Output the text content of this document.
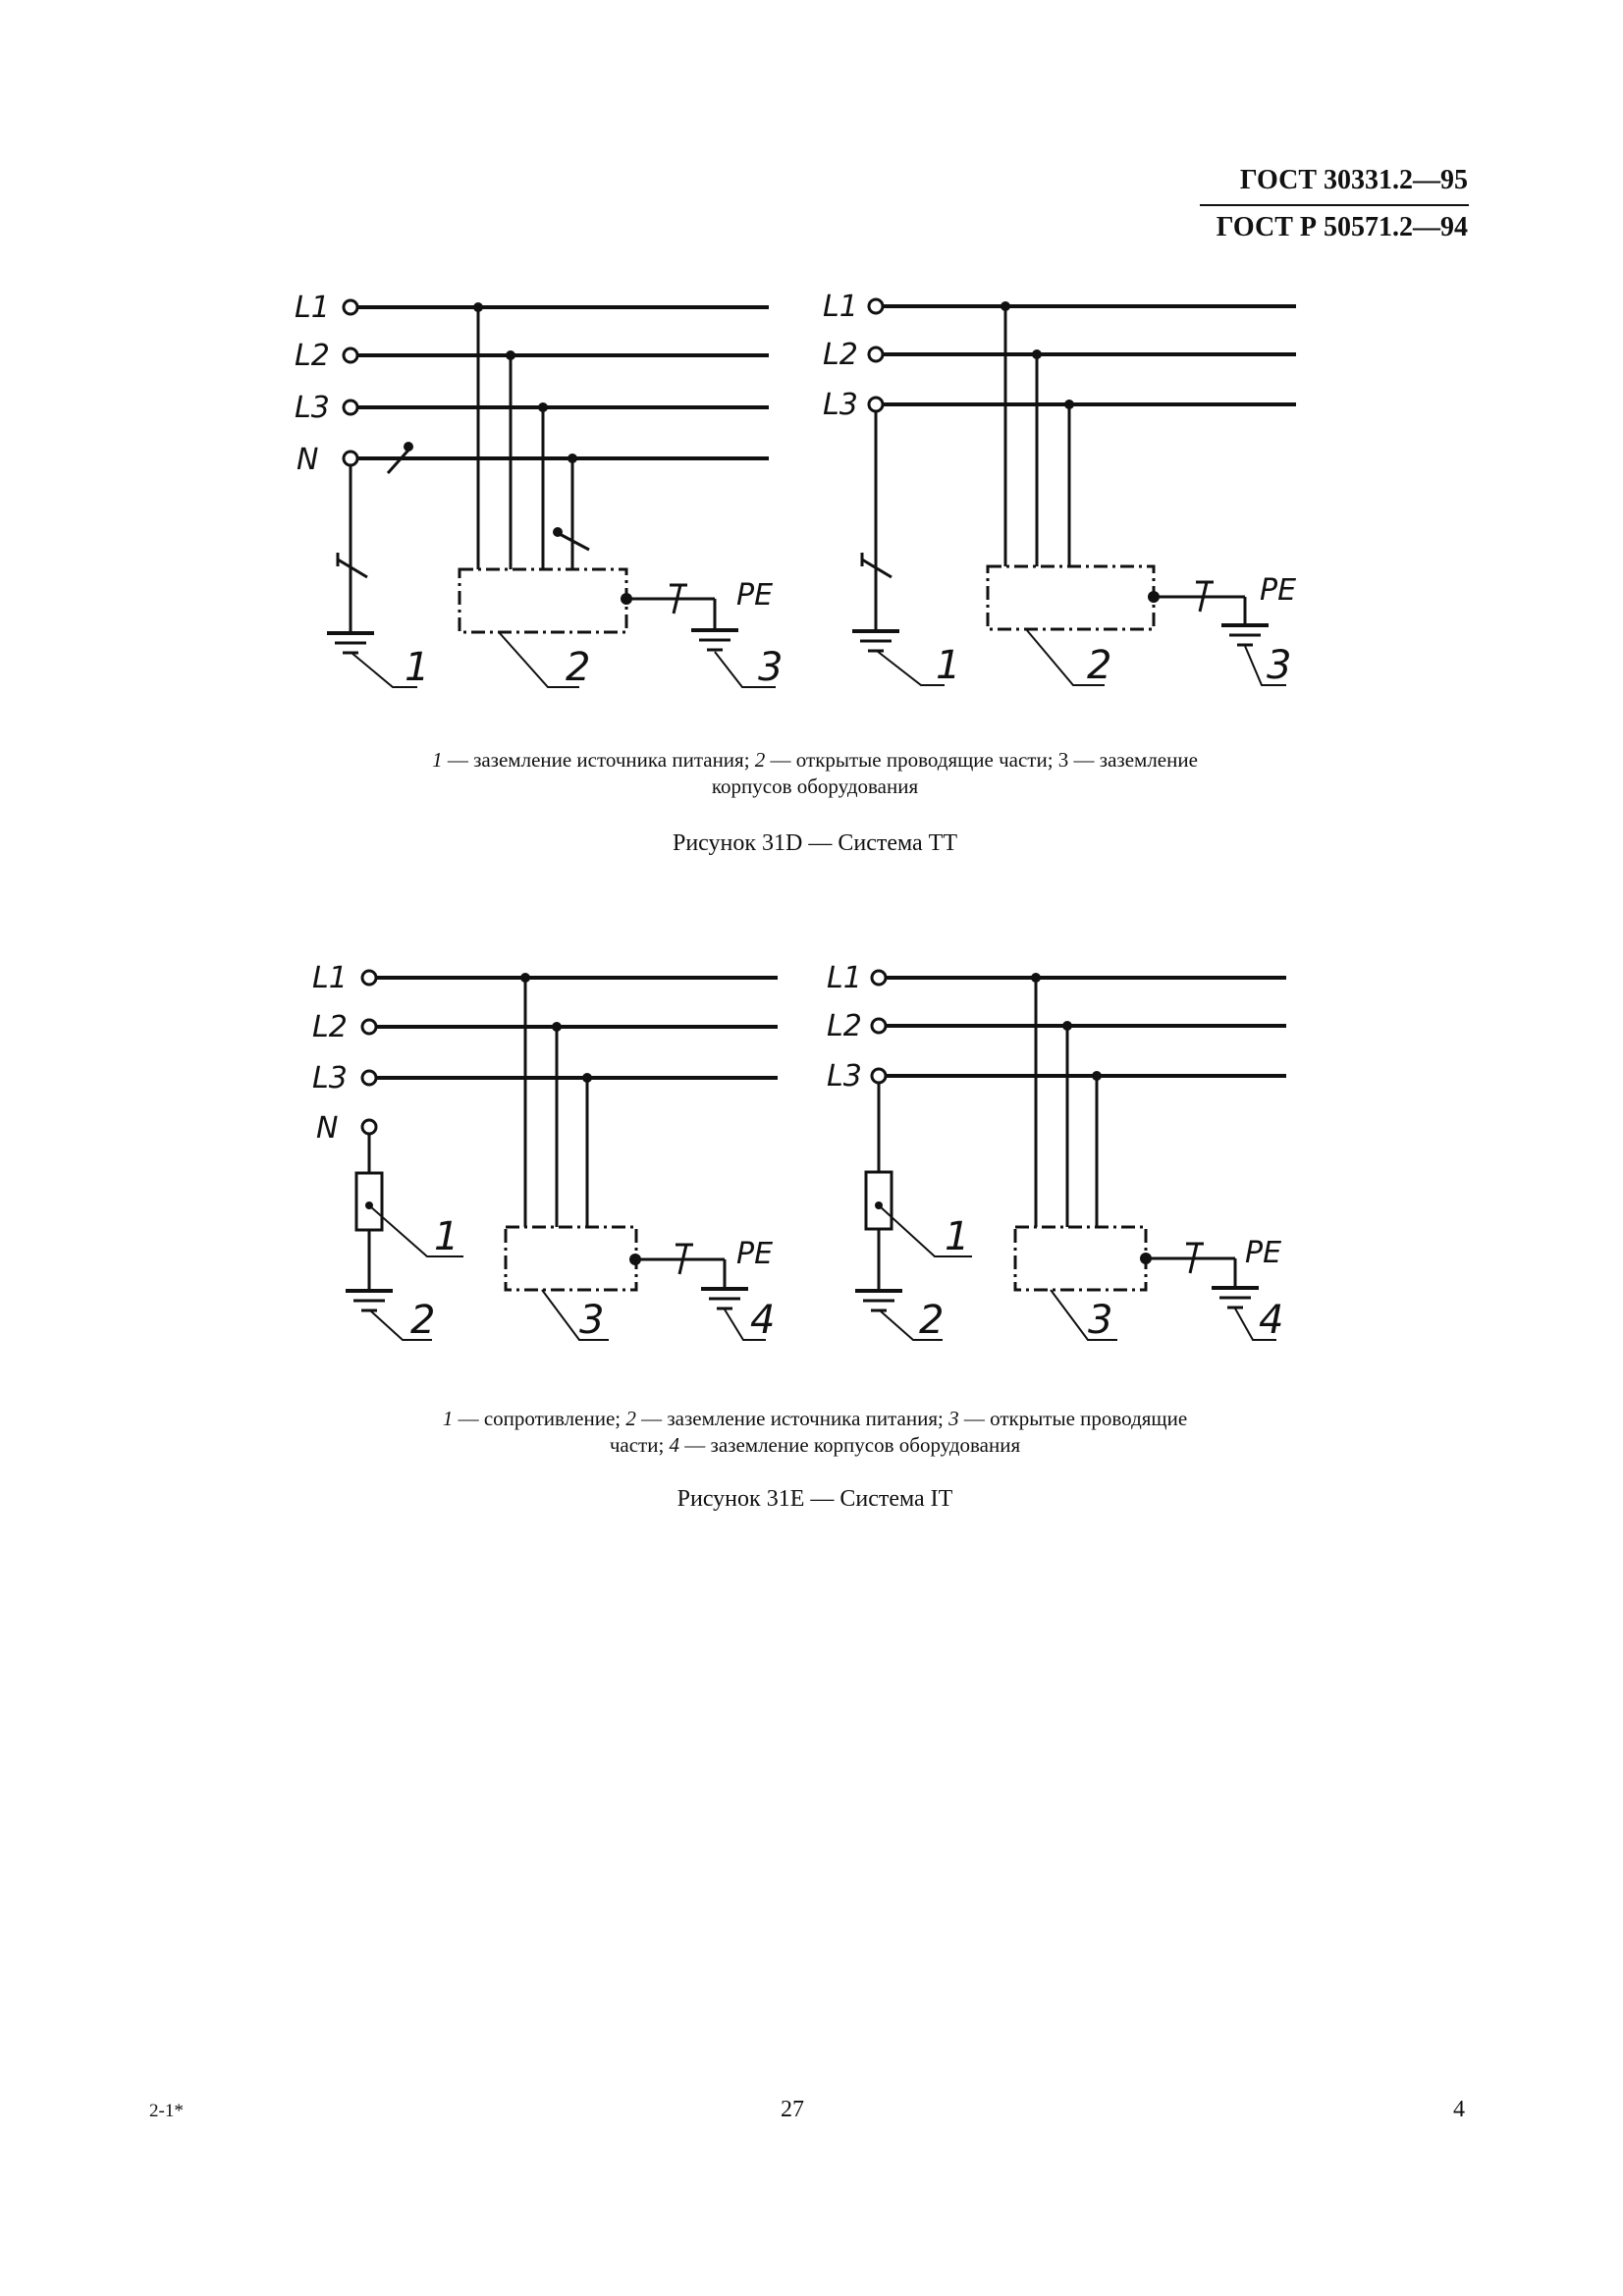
ГОСТ 30331.2—95
ГОСТ Р 50571.2—94
L1
L2
L3
N
PE
1	2	3
L1
L2
L3
PE
1	2	3
1 — заземление источника питания; 2 — открытые проводящие части; 3 — заземление
корпусов оборудования
Рисунок 31D — Система TT
L1
L2
L3
N
PE
1
2	3	4
L1
L2
L3
PE
1
2	3	4
1 — сопротивление; 2 — заземление источника питания; 3 — открытые проводящие
части; 4 — заземление корпусов оборудования
Рисунок 31E — Система IT
2-1*	27	4
